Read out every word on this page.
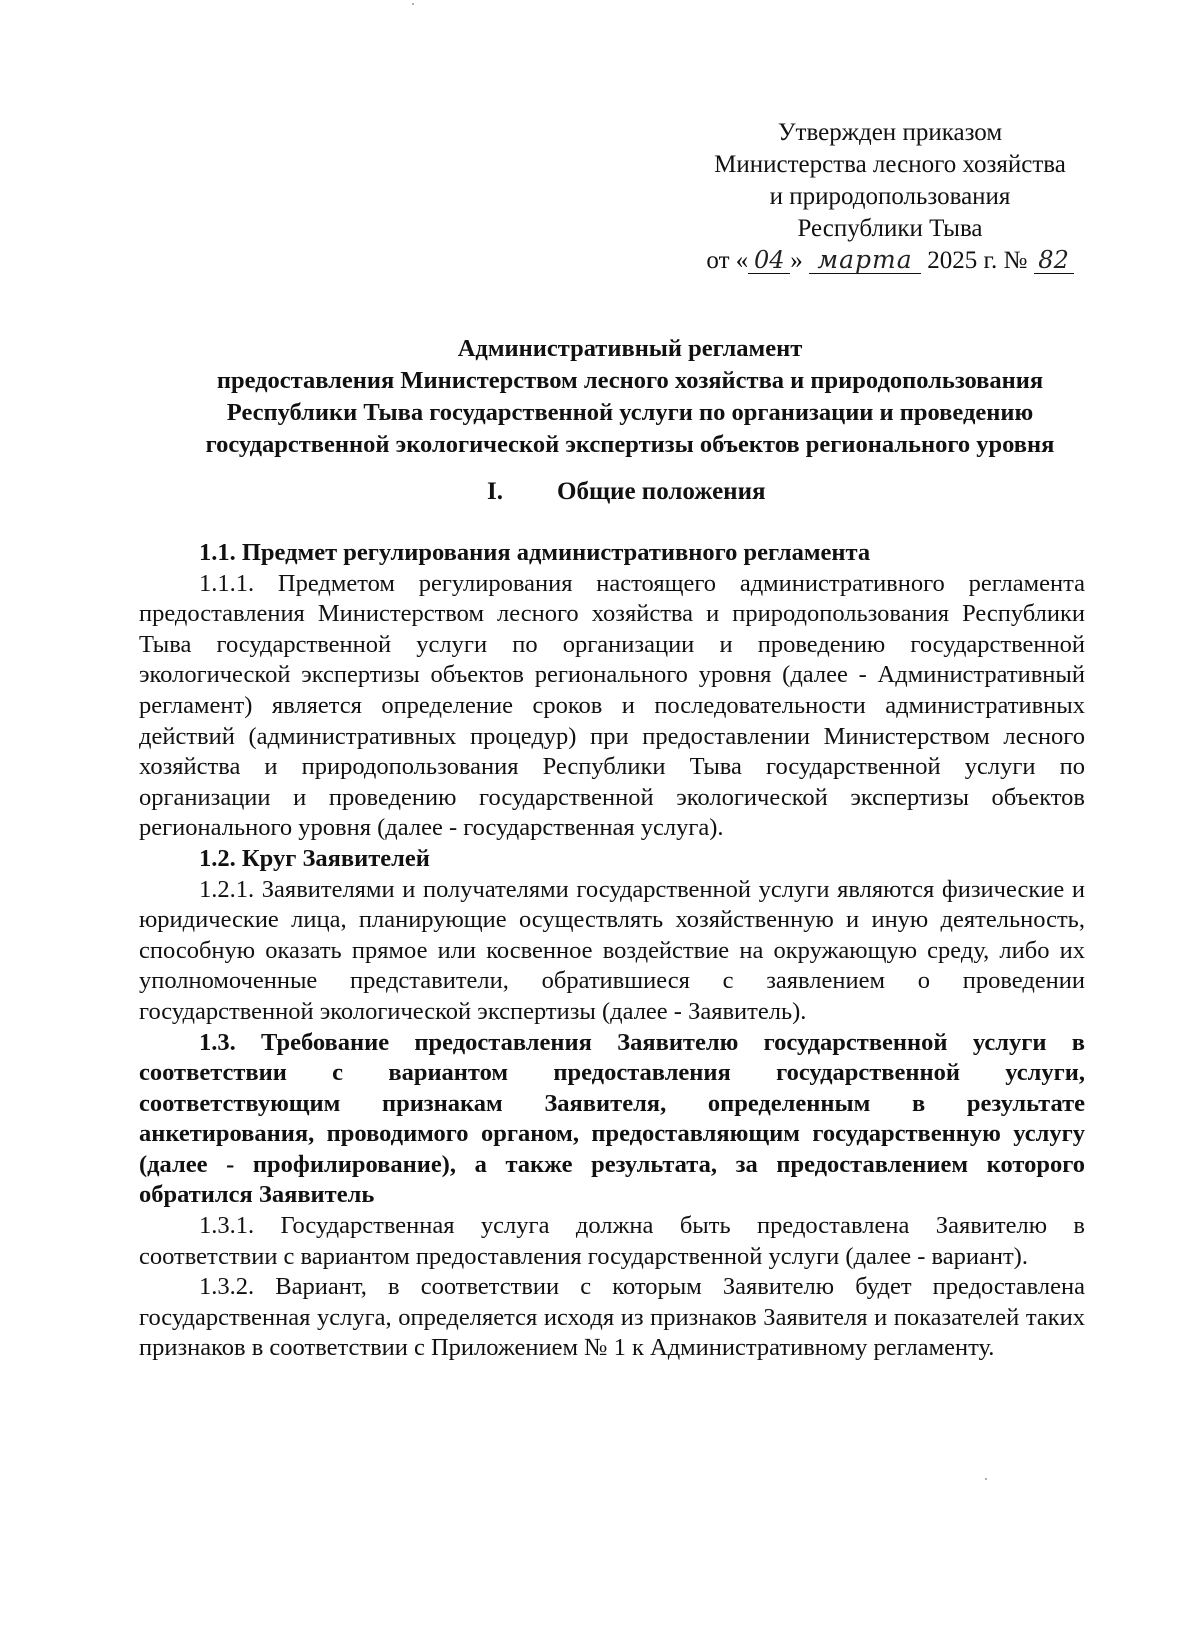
Утвержден приказом
Министерства лесного хозяйства
и природопользования
Республики Тыва
от « 04 » марта 2025 г. № 82
Административный регламент
предоставления Министерством лесного хозяйства и природопользования
Республики Тыва государственной услуги по организации и проведению
государственной экологической экспертизы объектов регионального уровня
I. Общие положения

1.1. Предмет регулирования административного регламента

1.1.1. Предметом регулирования настоящего административного регламента предоставления Министерством лесного хозяйства и природопользования Республики Тыва государственной услуги по организации и проведению государственной экологической экспертизы объектов регионального уровня (далее - Административный регламент) является определение сроков и последовательности административных действий (административных процедур) при предоставлении Министерством лесного хозяйства и природопользования Республики Тыва государственной услуги по организации и проведению государственной экологической экспертизы объектов регионального уровня (далее - государственная услуга).

1.2. Круг Заявителей

1.2.1. Заявителями и получателями государственной услуги являются физические и юридические лица, планирующие осуществлять хозяйственную и иную деятельность, способную оказать прямое или косвенное воздействие на окружающую среду, либо их уполномоченные представители, обратившиеся с заявлением о проведении государственной экологической экспертизы (далее - Заявитель).

1.3. Требование предоставления Заявителю государственной услуги в соответствии с вариантом предоставления государственной услуги, соответствующим признакам Заявителя, определенным в результате анкетирования, проводимого органом, предоставляющим государственную услугу (далее - профилирование), а также результата, за предоставлением которого обратился Заявитель

1.3.1. Государственная услуга должна быть предоставлена Заявителю в соответствии с вариантом предоставления государственной услуги (далее - вариант).

1.3.2. Вариант, в соответствии с которым Заявителю будет предоставлена государственная услуга, определяется исходя из признаков Заявителя и показателей таких признаков в соответствии с Приложением № 1 к Административному регламенту.
